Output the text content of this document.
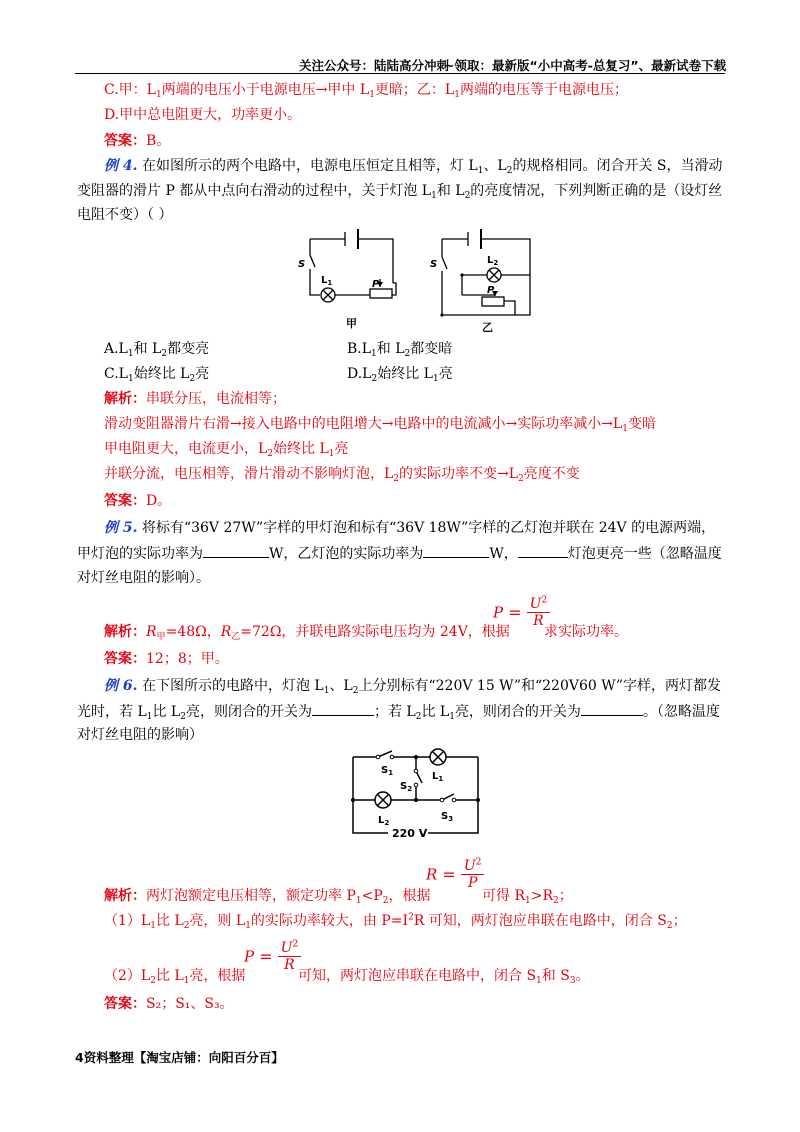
关注公众号：陆陆高分冲刺
~领取：最新版“小中高考-总复习”、最新试卷下载
C.甲：$L_1$两端的电压小于电源电压→甲中 $L_1$更暗；乙：$L_1$两端的电压等于电源电压；
D.甲中总电阻更大，功率更小。
答案：B。
例 4. 在如图所示的两个电路中，电源电压恒定且相等，灯 $L_1$、$L_2$的规格相同。闭合开关 S，当滑动
变阻器的滑片 P 都从中点向右滑动的过程中，关于灯泡 $L_1$和 $L_2$的亮度情况，下列判断正确的是（设灯丝
电阻不变）（ ）
S
$L_1$	P
甲
S	$L_2$
P
乙
$A.L_1$和 $L_2$都变亮	$B.L_1$和 $L_2$都变暗
$C.L_1$始终比 $L_2$亮	$D.L_2$始终比 $L_1$亮
解析：串联分压，电流相等；
滑动变阻器滑片右滑→接入电路中的电阻增大→电路中的电流减小→实际功率减小$\to L_1$变暗
甲电阻更大，电流更小，$L_2$始终比 $L_1$亮
并联分流，电压相等，滑片滑动不影响灯泡，$L_2$的实际功率不变$\to L_2$亮度不变
答案：D。
例 5. 将标有“36V 27W”字样的甲灯泡和标有“36V 18W”字样的乙灯泡并联在 24V 的电源两端，
甲灯泡的实际功率为	W，乙灯泡的实际功率为	W，	灯泡更亮一些（忽略温度
对灯丝电阻的影响）。
$P = \frac{U^2}{R}$
解析：$R_甲=48\Omega$，$R_乙=72\Omega$，并联电路实际电压均为 24V，根据 求实际功率。
答案：12；8；甲。
例 6. 在下图所示的电路中，灯泡 $L_1$、$L_2$上分别标有“220V 15 W”和“220V60 W”字样，两灯都发
光时，若 $L_1$比 $L_2$亮，则闭合的开关为	；若 $L_2$比 $L_1$亮，则闭合的开关为	。（忽略温度
对灯丝电阻的影响）
$S_1$	$L_1$
$S_2$
$L_2$
$S_3$
220 V
$R = \frac{U^2}{P}$
解析：两灯泡额定电压相等，额定功率 $P_1<P_2$，根据	可得 $R_1>R_2$；
$(1)L_1$比 $L_2$亮，则 $L_1$的实际功率较大，由 $P=I^2R$ 可知，两灯泡应串联在电路中，闭合 $S_2$；
$P = \frac{U^2}{R}$
$(2)L_2$比 $L_1$亮，根据	可知，两灯泡应串联在电路中，闭合 $S_1$和 $S_3$。
答案：S₂；S₁、S₃。
4资料整理【淘宝店铺：向阳百分百】
